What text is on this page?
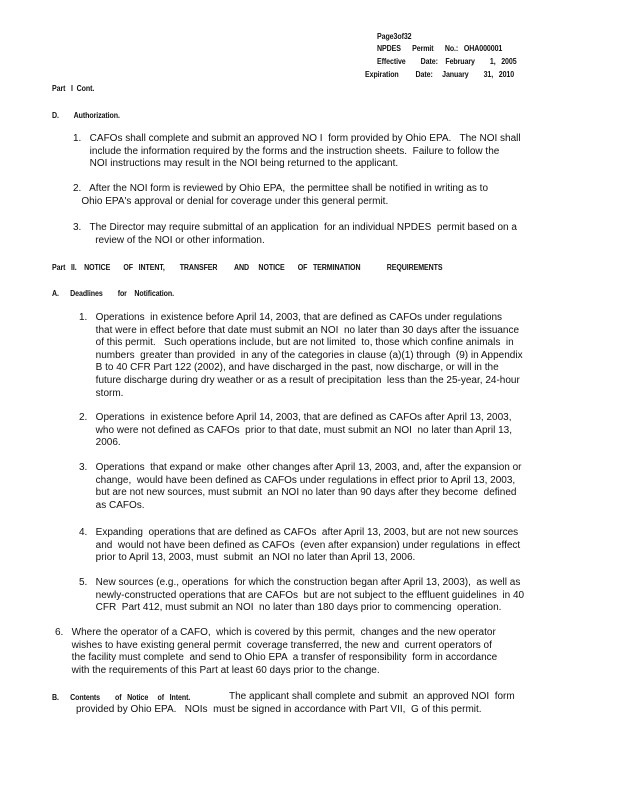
Page3of32
NPDES      Permit      No.:   OHA000001
Effective        Date:    February        1,   2005
Expiration         Date:     January        31,   2010
Part   I  Cont.
D.        Authorization.
Part   II.    NOTICE       OF   INTENT,        TRANSFER         AND     NOTICE       OF   TERMINATION              REQUIREMENTS
A.      Deadlines        for    Notification.
1.   CAFOs shall complete and submit an approved NO I  form provided by Ohio EPA.   The NOI shall
include the information required by the forms and the instruction sheets.  Failure to follow the
NOI instructions may result in the NOI being returned to the applicant.
2.   After the NOI form is reviewed by Ohio EPA,  the permittee shall be notified in writing as to
Ohio EPA's approval or denial for coverage under this general permit.
3.   The Director may require submittal of an application  for an individual NPDES  permit based on a
review of the NOI or other information.
1.   Operations  in existence before April 14, 2003, that are defined as CAFOs under regulations
that were in effect before that date must submit an NOI  no later than 30 days after the issuance
of this permit.   Such operations include, but are not limited  to, those which confine animals  in
numbers  greater than provided  in any of the categories in clause (a)(1) through  (9) in Appendix
B to 40 CFR Part 122 (2002), and have discharged in the past, now discharge, or will in the
future discharge during dry weather or as a result of precipitation  less than the 25-year, 24-hour
storm.
2.   Operations  in existence before April 14, 2003, that are defined as CAFOs after April 13, 2003,
who were not defined as CAFOs  prior to that date, must submit an NOI  no later than April 13,
2006.
3.   Operations  that expand or make  other changes after April 13, 2003, and, after the expansion or
change,  would have been defined as CAFOs under regulations in effect prior to April 13, 2003,
but are not new sources, must submit  an NOI no later than 90 days after they become  defined
as CAFOs.
4.   Expanding  operations that are defined as CAFOs  after April 13, 2003, but are not new sources
and  would not have been defined as CAFOs  (even after expansion) under regulations  in effect
prior to April 13, 2003, must  submit  an NOI no later than April 13, 2006.
5.   New sources (e.g., operations  for which the construction began after April 13, 2003),  as well as
newly-constructed operations that are CAFOs  but are not subject to the effluent guidelines  in 40
CFR  Part 412, must submit an NOI  no later than 180 days prior to commencing  operation.
6.   Where the operator of a CAFO,  which is covered by this permit,  changes and the new operator
wishes to have existing general permit  coverage transferred, the new and  current operators of
the facility must complete  and send to Ohio EPA  a transfer of responsibility  form in accordance
with the requirements of this Part at least 60 days prior to the change.
B.      Contents        of   Notice     of   Intent.	The applicant shall complete and submit  an approved NOI  form
provided by Ohio EPA.   NOIs  must be signed in accordance with Part VII,  G of this permit.
